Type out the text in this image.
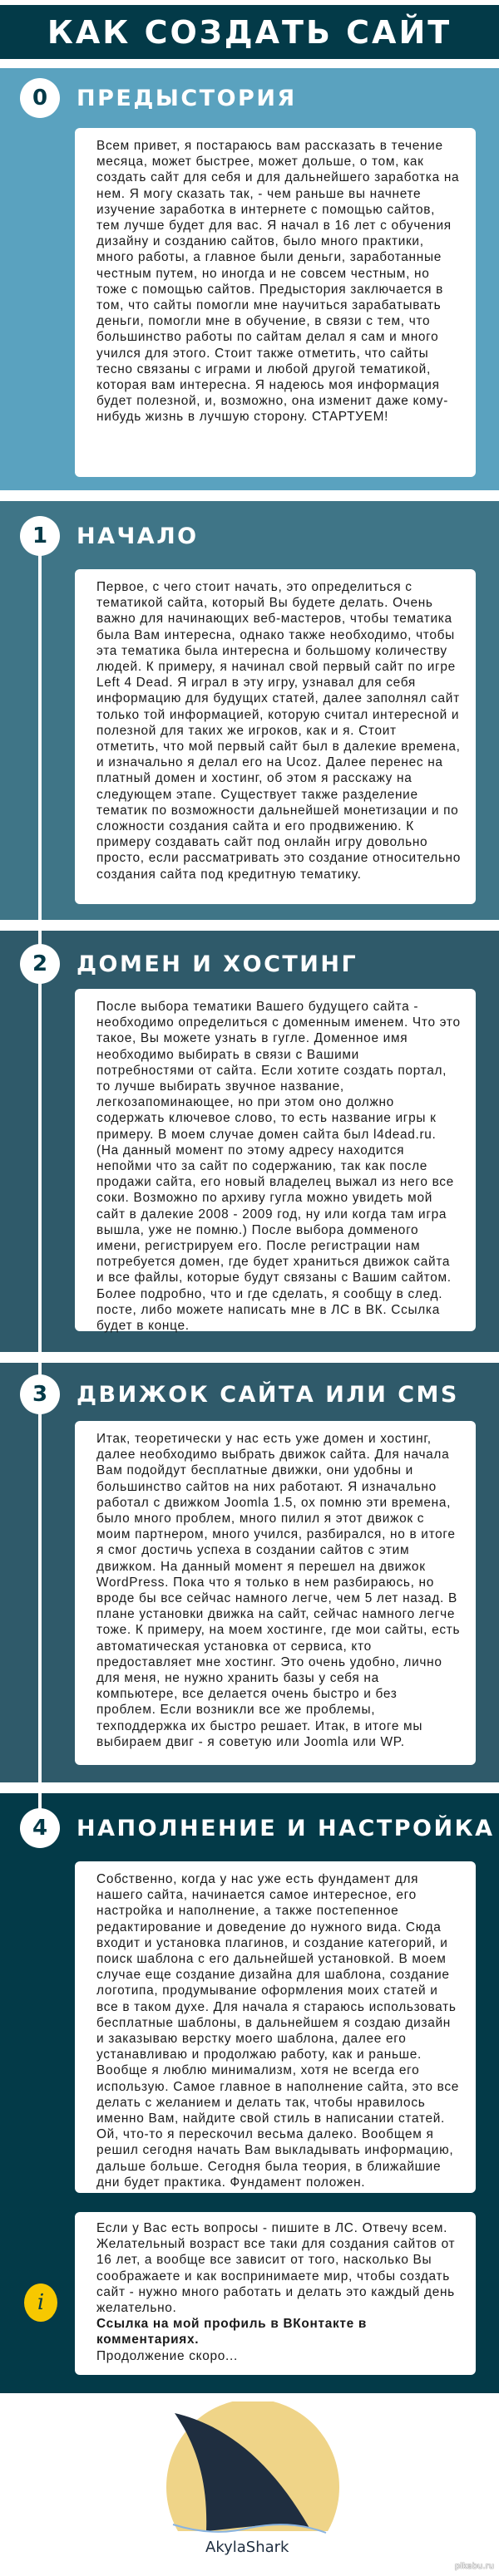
КАК СОЗДАТЬ САЙТ
0	ПРЕДЫСТОРИЯ

Всем привет, я постараюсь вам рассказать в течение месяца, может быстрее, может дольше, о том, как создать сайт для себя и для дальнейшего заработка на нем. Я могу сказать так, - чем раньше вы начнете изучение заработка в интернете с помощью сайтов, тем лучше будет для вас. Я начал в 16 лет с обучения дизайну и созданию сайтов, было много практики, много работы, а главное были деньги, заработанные честным путем, но иногда и не совсем честным, но тоже с помощью сайтов. Предыстория заключается в том, что сайты помогли мне научиться зарабатывать деньги, помогли мне в обучение, в связи с тем, что большинство работы по сайтам делал я сам и много учился для этого. Стоит также отметить, что сайты тесно связаны с играми и любой другой тематикой, которая вам интересна. Я надеюсь моя информация будет полезной, и, возможно, она изменит даже кому-нибудь жизнь в лучшую сторону. СТАРТУЕМ!

1	НАЧАЛО

Первое, с чего стоит начать, это определиться с тематикой сайта, который Вы будете делать. Очень важно для начинающих веб-мастеров, чтобы тематика была Вам интересна, однако также необходимо, чтобы эта тематика была интересна и большому количеству людей. К примеру, я начинал свой первый сайт по игре Left 4 Dead. Я играл в эту игру, узнавал для себя информацию для будущих статей, далее заполнял сайт только той информацией, которую считал интересной и полезной для таких же игроков, как и я. Стоит отметить, что мой первый сайт был в далекие времена, и изначально я делал его на Ucoz. Далее перенес на платный домен и хостинг, об этом я расскажу на следующем этапе. Существует также разделение тематик по возможности дальнейшей монетизации и по сложности создания сайта и его продвижению. К примеру создавать сайт под онлайн игру довольно просто, если рассматривать это создание относительно создания сайта под кредитную тематику.

2	ДОМЕН И ХОСТИНГ

После выбора тематики Вашего будущего сайта - необходимо определиться с доменным именем. Что это такое, Вы можете узнать в гугле. Доменное имя необходимо выбирать в связи с Вашими потребностями от сайта. Если хотите создать портал, то лучше выбирать звучное название, легкозапоминающее, но при этом оно должно содержать ключевое слово, то есть название игры к примеру. В моем случае домен сайта был l4dead.ru. (На данный момент по этому адресу находится непойми что за сайт по содержанию, так как после продажи сайта, его новый владелец выжал из него все соки. Возможно по архиву гугла можно увидеть мой сайт в далекие 2008 - 2009 год, ну или когда там игра вышла, уже не помню.) После выбора домменого имени, регистрируем его. После регистрации нам потребуется домен, где будет храниться движок сайта и все файлы, которые будут связаны с Вашим сайтом. Более подробно, что и где сделать, я сообщу в след. посте, либо можете написать мне в ЛС в ВК. Ссылка будет в конце.

3	ДВИЖОК САЙТА ИЛИ CMS

Итак, теоретически у нас есть уже домен и хостинг, далее необходимо выбрать движок сайта. Для начала Вам подойдут бесплатные движки, они удобны и большинство сайтов на них работают. Я изначально работал с движком Joomla 1.5, ох помню эти времена, было много проблем, много пилил я этот движок с моим партнером, много учился, разбирался, но в итоге я смог достичь успеха в создании сайтов с этим движком. На данный момент я перешел на движок WordPress. Пока что я только в нем разбираюсь, но вроде бы все сейчас намного легче, чем 5 лет назад. В плане установки движка на сайт, сейчас намного легче тоже. К примеру, на моем хостинге, где мои сайты, есть автоматическая установка от сервиса, кто предоставляет мне хостинг. Это очень удобно, лично для меня, не нужно хранить базы у себя на компьютере, все делается очень быстро и без проблем. Если возникли все же проблемы, техподдержка их быстро решает. Итак, в итоге мы выбираем двиг - я советую или Joomla или WP.

4	НАПОЛНЕНИЕ И НАСТРОЙКА

Собственно, когда у нас уже есть фундамент для нашего сайта, начинается самое интересное, его настройка и наполнение, а также постепенное редактирование и доведение до нужного вида. Сюда входит и установка плагинов, и создание категорий, и поиск шаблона с его дальнейшей установкой. В моем случае еще создание дизайна для шаблона, создание логотипа, продумывание оформления моих статей и все в таком духе. Для начала я стараюсь использовать бесплатные шаблоны, в дальнейшем я создаю дизайн и заказываю верстку моего шаблона, далее его устанавливаю и продолжаю работу, как и раньше. Вообще я люблю минимализм, хотя не всегда его использую. Самое главное в наполнение сайта, это все делать с желанием и делать так, чтобы нравилось именно Вам, найдите свой стиль в написании статей. Ой, что-то я перескочил весьма далеко. Вообщем я решил сегодня начать Вам выкладывать информацию, дальше больше. Сегодня была теория, в ближайшие дни будет практика. Фундамент положен.

i

Если у Вас есть вопросы - пишите в ЛС. Отвечу всем. Желательный возраст все таки для создания сайтов от 16 лет, а вообще все зависит от того, насколько Вы соображаете и как воспринимаете мир, чтобы создать сайт - нужно много работать и делать это каждый день желательно.

Ссылка на мой профиль в ВКонтакте в комментариях.

Продолжение скоро...

AkylaShark
pikabu.ru
